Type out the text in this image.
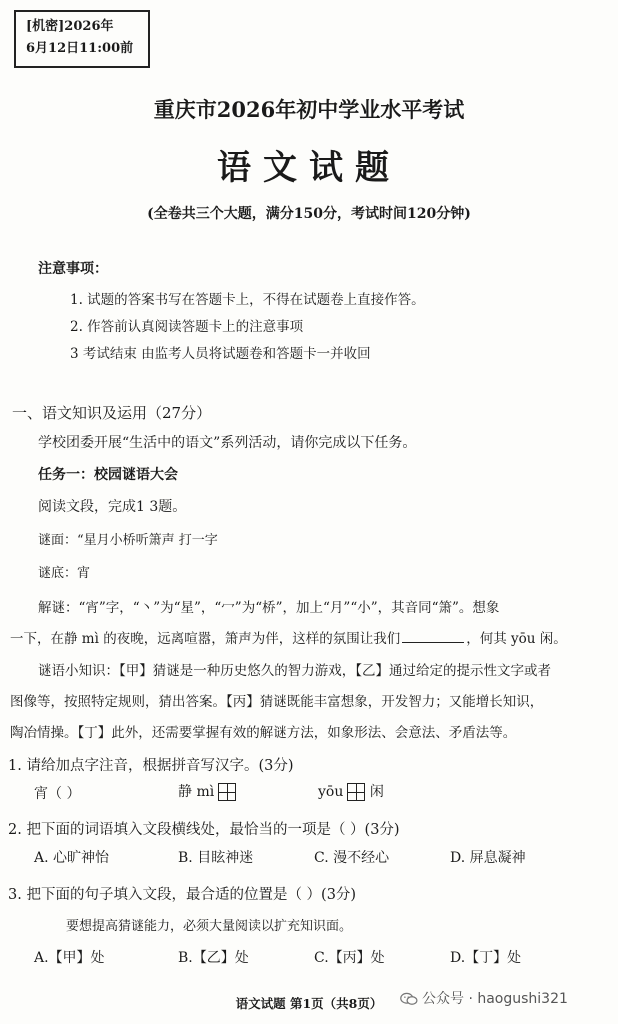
[机密]2026年
6月12日11:00前
重庆市2026年初中学业水平考试
语文试题
(全卷共三个大题，满分150分，考试时间120分钟)
注意事项：
1. 试题的答案书写在答题卡上，不得在试题卷上直接作答。
2. 作答前认真阅读答题卡上的注意事项
3 考试结束 由监考人员将试题卷和答题卡一并收回
一、语文知识及运用（27分）
学校团委开展“生活中的语文”系列活动，请你完成以下任务。
任务一：校园谜语大会
阅读文段，完成1 3题。
谜面：“星月小桥听箫声 打一字
谜底：宵
解谜：“宵”字，“丶”为“星”，“冖”为“桥”，加上“月”“小”，其音同“箫”。想象
一下，在静 mì 的夜晚，远离喧嚣，箫声为伴，这样的氛围让我们	，何其 yōu 闲。
谜语小知识：【甲】猜谜是一种历史悠久的智力游戏，【乙】通过给定的提示性文字或者
图像等，按照特定规则，猜出答案。【丙】猜谜既能丰富想象，开发智力；又能增长知识，
陶冶情操。【丁】此外，还需要掌握有效的解谜方法，如象形法、会意法、矛盾法等。
1. 请给加点字注音，根据拼音写汉字。(3分)
宵（ ）	静 mì	yōu 闲
2. 把下面的词语填入文段横线处，最恰当的一项是（ ）(3分)
A. 心旷神怡	B. 目眩神迷	C. 漫不经心	D. 屏息凝神
3. 把下面的句子填入文段，最合适的位置是（ ）(3分)
要想提高猜谜能力，必须大量阅读以扩充知识面。
A.【甲】处	B.【乙】处	C.【丙】处	D.【丁】处
语文试题 第1页（共8页）	公众号 · haogushi321
